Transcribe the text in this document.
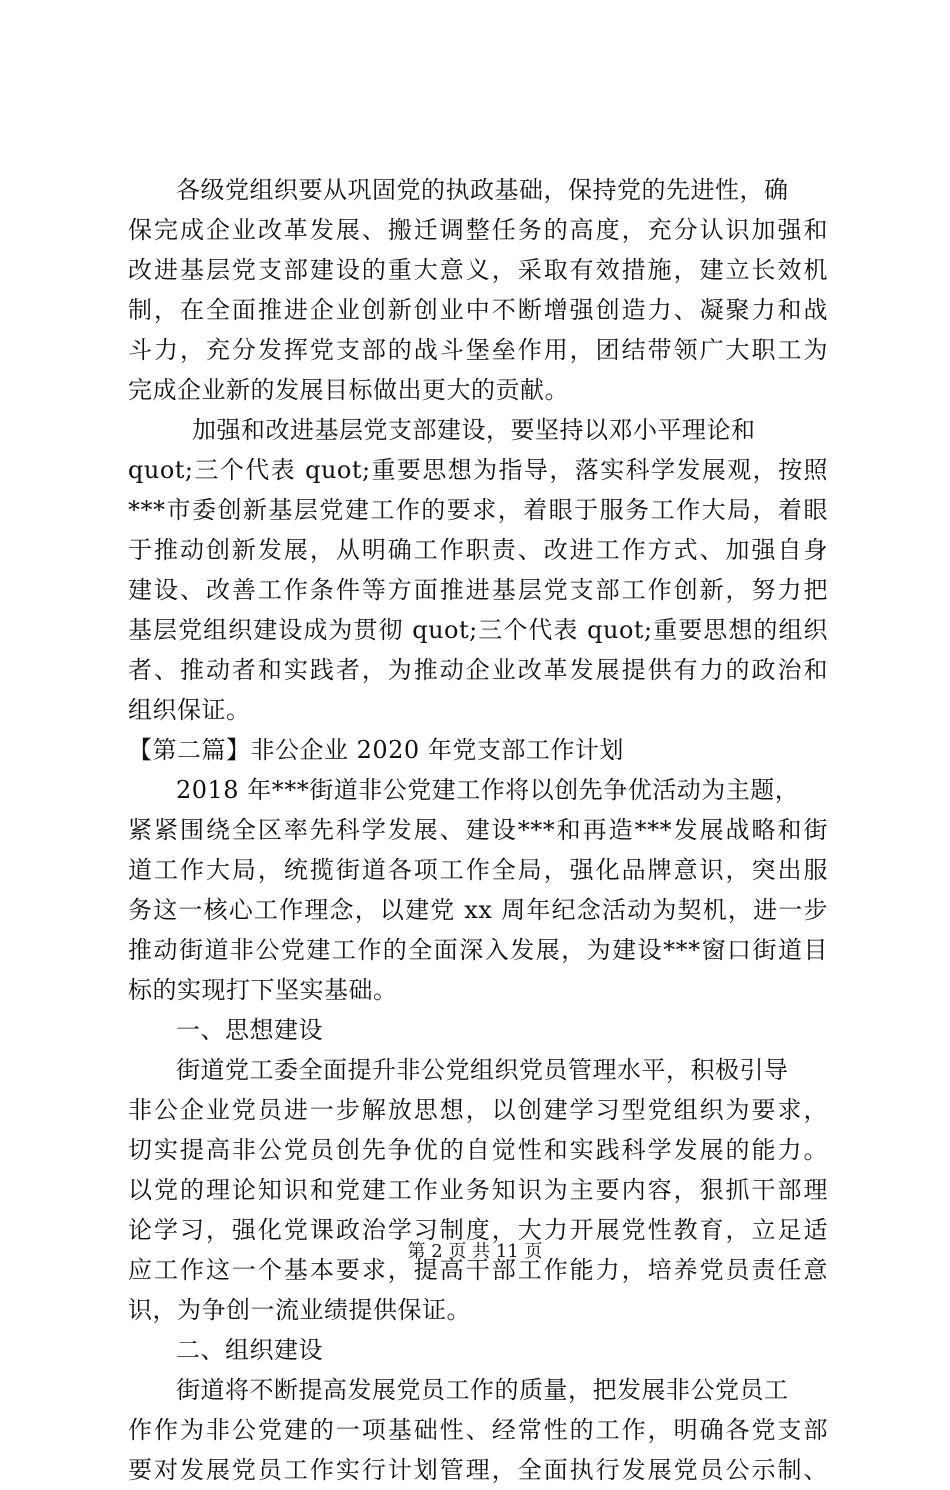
各级党组织要从巩固党的执政基础，保持党的先进性，确
保完成企业改革发展、搬迁调整任务的高度，充分认识加强和
改进基层党支部建设的重大意义，采取有效措施，建立长效机
制，在全面推进企业创新创业中不断增强创造力、凝聚力和战
斗力，充分发挥党支部的战斗堡垒作用，团结带领广大职工为
完成企业新的发展目标做出更大的贡献。
加强和改进基层党支部建设，要坚持以邓小平理论和
quot;三个代表 quot;重要思想为指导，落实科学发展观，按照
***市委创新基层党建工作的要求，着眼于服务工作大局，着眼
于推动创新发展，从明确工作职责、改进工作方式、加强自身
建设、改善工作条件等方面推进基层党支部工作创新，努力把
基层党组织建设成为贯彻 quot;三个代表 quot;重要思想的组织
者、推动者和实践者，为推动企业改革发展提供有力的政治和
组织保证。
【第二篇】非公企业 2020 年党支部工作计划
2018 年***街道非公党建工作将以创先争优活动为主题，
紧紧围绕全区率先科学发展、建设***和再造***发展战略和街
道工作大局，统揽街道各项工作全局，强化品牌意识，突出服
务这一核心工作理念，以建党 xx 周年纪念活动为契机，进一步
推动街道非公党建工作的全面深入发展，为建设***窗口街道目
标的实现打下坚实基础。
一、思想建设
街道党工委全面提升非公党组织党员管理水平，积极引导
非公企业党员进一步解放思想，以创建学习型党组织为要求，
切实提高非公党员创先争优的自觉性和实践科学发展的能力。
以党的理论知识和党建工作业务知识为主要内容，狠抓干部理
论学习，强化党课政治学习制度，大力开展党性教育，立足适
应工作这一个基本要求，提高干部工作能力，培养党员责任意
识，为争创一流业绩提供保证。
二、组织建设
街道将不断提高发展党员工作的质量，把发展非公党员工
作作为非公党建的一项基础性、经常性的工作，明确各党支部
要对发展党员工作实行计划管理，全面执行发展党员公示制、
第 2 页 共 11 页
